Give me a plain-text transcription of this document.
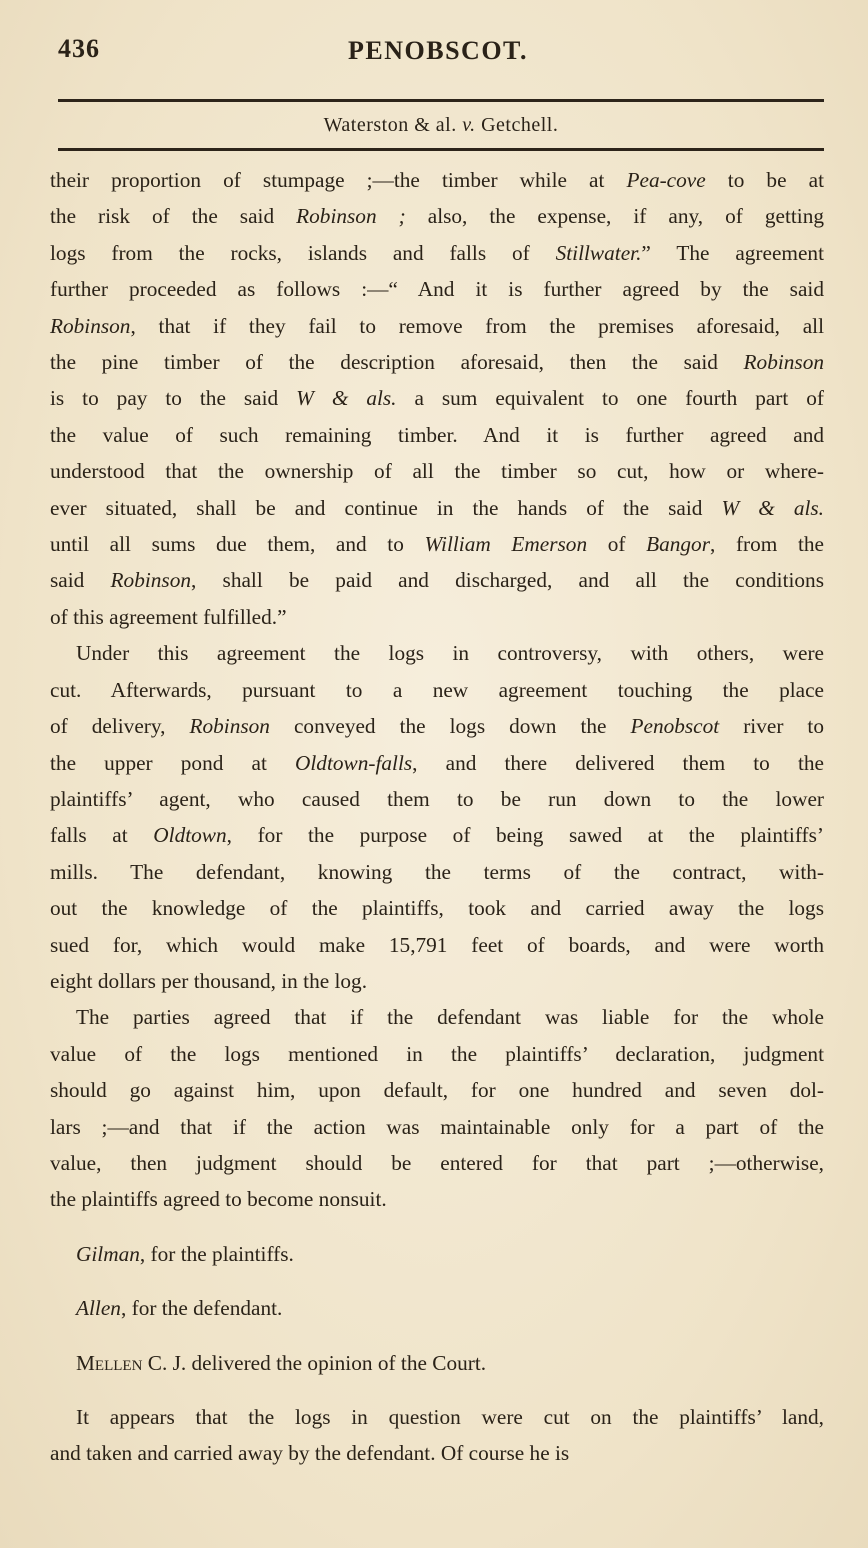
436	PENOBSCOT.
Waterston & al. v. Getchell.
their proportion of stumpage ;—the timber while at Pea-cove to be at
the risk of the said Robinson ; also, the expense, if any, of getting
logs from the rocks, islands and falls of Stillwater.” The agreement
further proceeded as follows :—“ And it is further agreed by the said
Robinson, that if they fail to remove from the premises aforesaid, all
the pine timber of the description aforesaid, then the said Robinson
is to pay to the said W & als. a sum equivalent to one fourth part of
the value of such remaining timber. And it is further agreed and
understood that the ownership of all the timber so cut, how or where-
ever situated, shall be and continue in the hands of the said W & als.
until all sums due them, and to William Emerson of Bangor, from the
said Robinson, shall be paid and discharged, and all the conditions
of this agreement fulfilled.”
Under this agreement the logs in controversy, with others, were
cut. Afterwards, pursuant to a new agreement touching the place
of delivery, Robinson conveyed the logs down the Penobscot river to
the upper pond at Oldtown-falls, and there delivered them to the
plaintiffs’ agent, who caused them to be run down to the lower
falls at Oldtown, for the purpose of being sawed at the plaintiffs’
mills. The defendant, knowing the terms of the contract, with-
out the knowledge of the plaintiffs, took and carried away the logs
sued for, which would make 15,791 feet of boards, and were worth
eight dollars per thousand, in the log.
The parties agreed that if the defendant was liable for the whole
value of the logs mentioned in the plaintiffs’ declaration, judgment
should go against him, upon default, for one hundred and seven dol-
lars ;—and that if the action was maintainable only for a part of the
value, then judgment should be entered for that part ;—otherwise,
the plaintiffs agreed to become nonsuit.
Gilman, for the plaintiffs.
Allen, for the defendant.
Mellen C. J. delivered the opinion of the Court.
It appears that the logs in question were cut on the plaintiffs’ land,
and taken and carried away by the defendant. Of course he is
